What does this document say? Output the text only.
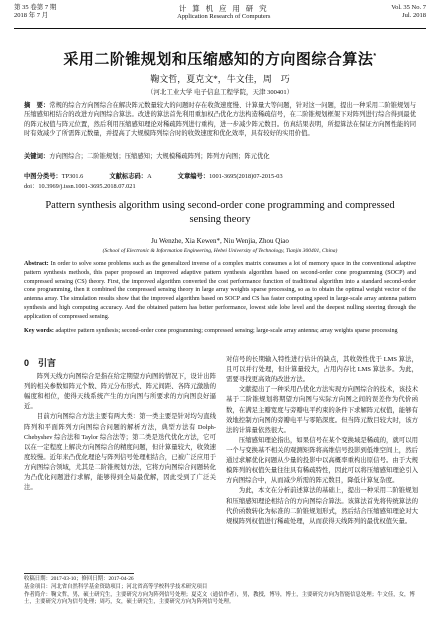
第 35 卷第 7 期
2018 年 7 月
计 算 机 应 用 研 究
Application Research of Computers
Vol. 35 No. 7
Jul. 2018
采用二阶锥规划和压缩感知的方向图综合算法*
鞠文哲，夏克文*，牛文佳，周　巧
（河北工业大学 电子信息工程学院，天津 300401）
摘　要：常规的综合方向图综合在解决阵元数量较大的问题时存在收敛速度慢、计算量大等问题，针对这一问题，提出一种采用二阶锥规划与压缩感知相结合的改进方向图综合算法。改进的算法首先利用重加权凸优化方法构造稀疏信号，在二阶锥规划框架下对阵列进行综合得到最优的阵元权值与阵元位置，然后利用压缩感知理论对稀疏阵列进行重构，进一步减少阵元数目。仿真结果表明，所提算法在保证方向图性能的同时有效减少了所需阵元数量，并提高了大规模阵列综合时的收敛速度和优化效率，具有较好的实用价值。
关键词：方向图综合；二阶锥规划；压缩感知；大规模稀疏阵列；阵列方向图；阵元优化
中图分类号：TP301.6	文献标志码：A	文章编号：1001-3695(2018)07-2015-03
doi：10.3969/j.issn.1001-3695.2018.07.021
Pattern synthesis algorithm using second-order cone programming and compressed sensing theory
Ju Wenzhe, Xia Kewen*, Niu Wenjia, Zhou Qiao
(School of Electronic & Information Engineering, Hebei University of Technology, Tianjin 300401, China)
Abstract: In order to solve some problems such as the generalized inverse of a complex matrix consumes a lot of memory space in the conventional adaptive pattern synthesis methods, this paper proposed an improved adaptive pattern synthesis algorithm based on second-order cone programming (SOCP) and compressed sensing (CS) theory. First, the improved algorithm converted the cost performance function of traditional algorithm into a standard second-order cone programming, then it combined the compressed sensing theory in large array weights sparse processing, so as to obtain the optimal weight vector of the antenna array. The simulation results show that the improved algorithm based on SOCP and CS has faster computing speed in large-scale array antenna pattern synthesis and high computing accuracy. And the obtained pattern has better performance, lowest side lobe level and the deepest nulling steering through the application of compressed sensing.
Key words: adaptive pattern synthesis; second-order cone programming; compressed sensing; large-scale array antenna; array weights sparse processing
0　引言

阵列天线方向图综合是指在给定期望方向图的情况下，设计出阵列的相关参数如阵元个数、阵元分布形式、阵元间距、各阵元激励的幅度和相位，使得天线系统产生的方向图与所要求的方向图良好逼近。

目前方向图综合方法主要有两大类：第一类主要是针对均匀直线阵列和平面阵列方向图综合问题的解析方法，典型方法有 Dolph-Chebyshev 综合法和 Taylor 综合法等；第二类是迭代优化方法，它可以在一定程度上解决方向图综合的精度问题，但计算量较大，收敛速度较慢。近年来凸优化理论与阵列信号处理相结合，已被广泛应用于方向图综合领域，尤其是二阶锥规划方法，它将方向图综合问题转化为凸优化问题进行求解，能够得到全局最优解，因此受到了广泛关注。

对信号的长期输入特性进行估计的缺点，其收敛性优于 LMS 算法，且可以并行处理，但计算量较大，占用内存比 LMS 算法多。为此，需要寻找更高效的改进方法。

文献提出了一种采用凸优化方法实现方向图综合的技术，该技术基于二阶锥规划将期望方向图与实际方向图之间的误差作为代价函数，在满足主瓣宽度与旁瓣电平约束的条件下求解阵元权值，能够有效地控制方向图的旁瓣电平与零陷深度。但当阵元数目较大时，该方法的计算量依然很大。

压缩感知理论指出，如果信号在某个变换域是稀疏的，就可以用一个与变换基不相关的观测矩阵将高维信号投影到低维空间上，然后通过求解优化问题从少量的投影中以高概率重构出原信号。由于大规模阵列的权值矢量往往具有稀疏特性，因此可以将压缩感知理论引入方向图综合中，从而减少所需的阵元数目，降低计算复杂度。

为此，本文在分析前述算法的基础上，提出一种采用二阶锥规划和压缩感知理论相结合的方向图综合算法。该算法首先将传统算法的代价函数转化为标准的二阶锥规划形式，然后结合压缩感知理论对大规模阵列权值进行稀疏处理，从而获得天线阵列的最优权值矢量。

收稿日期：2017-03-10；修回日期：2017-04-26
基金项目：河北省自然科学基金资助项目；河北省高等学校科学技术研究项目
作者简介：鞠文哲，男，硕士研究生，主要研究方向为阵列信号处理；夏克文（通信作者），男，教授，博导，博士，主要研究方向为智能信息处理；牛文佳，女，博士，主要研究方向为信号处理；周巧，女，硕士研究生，主要研究方向为阵列信号处理。
